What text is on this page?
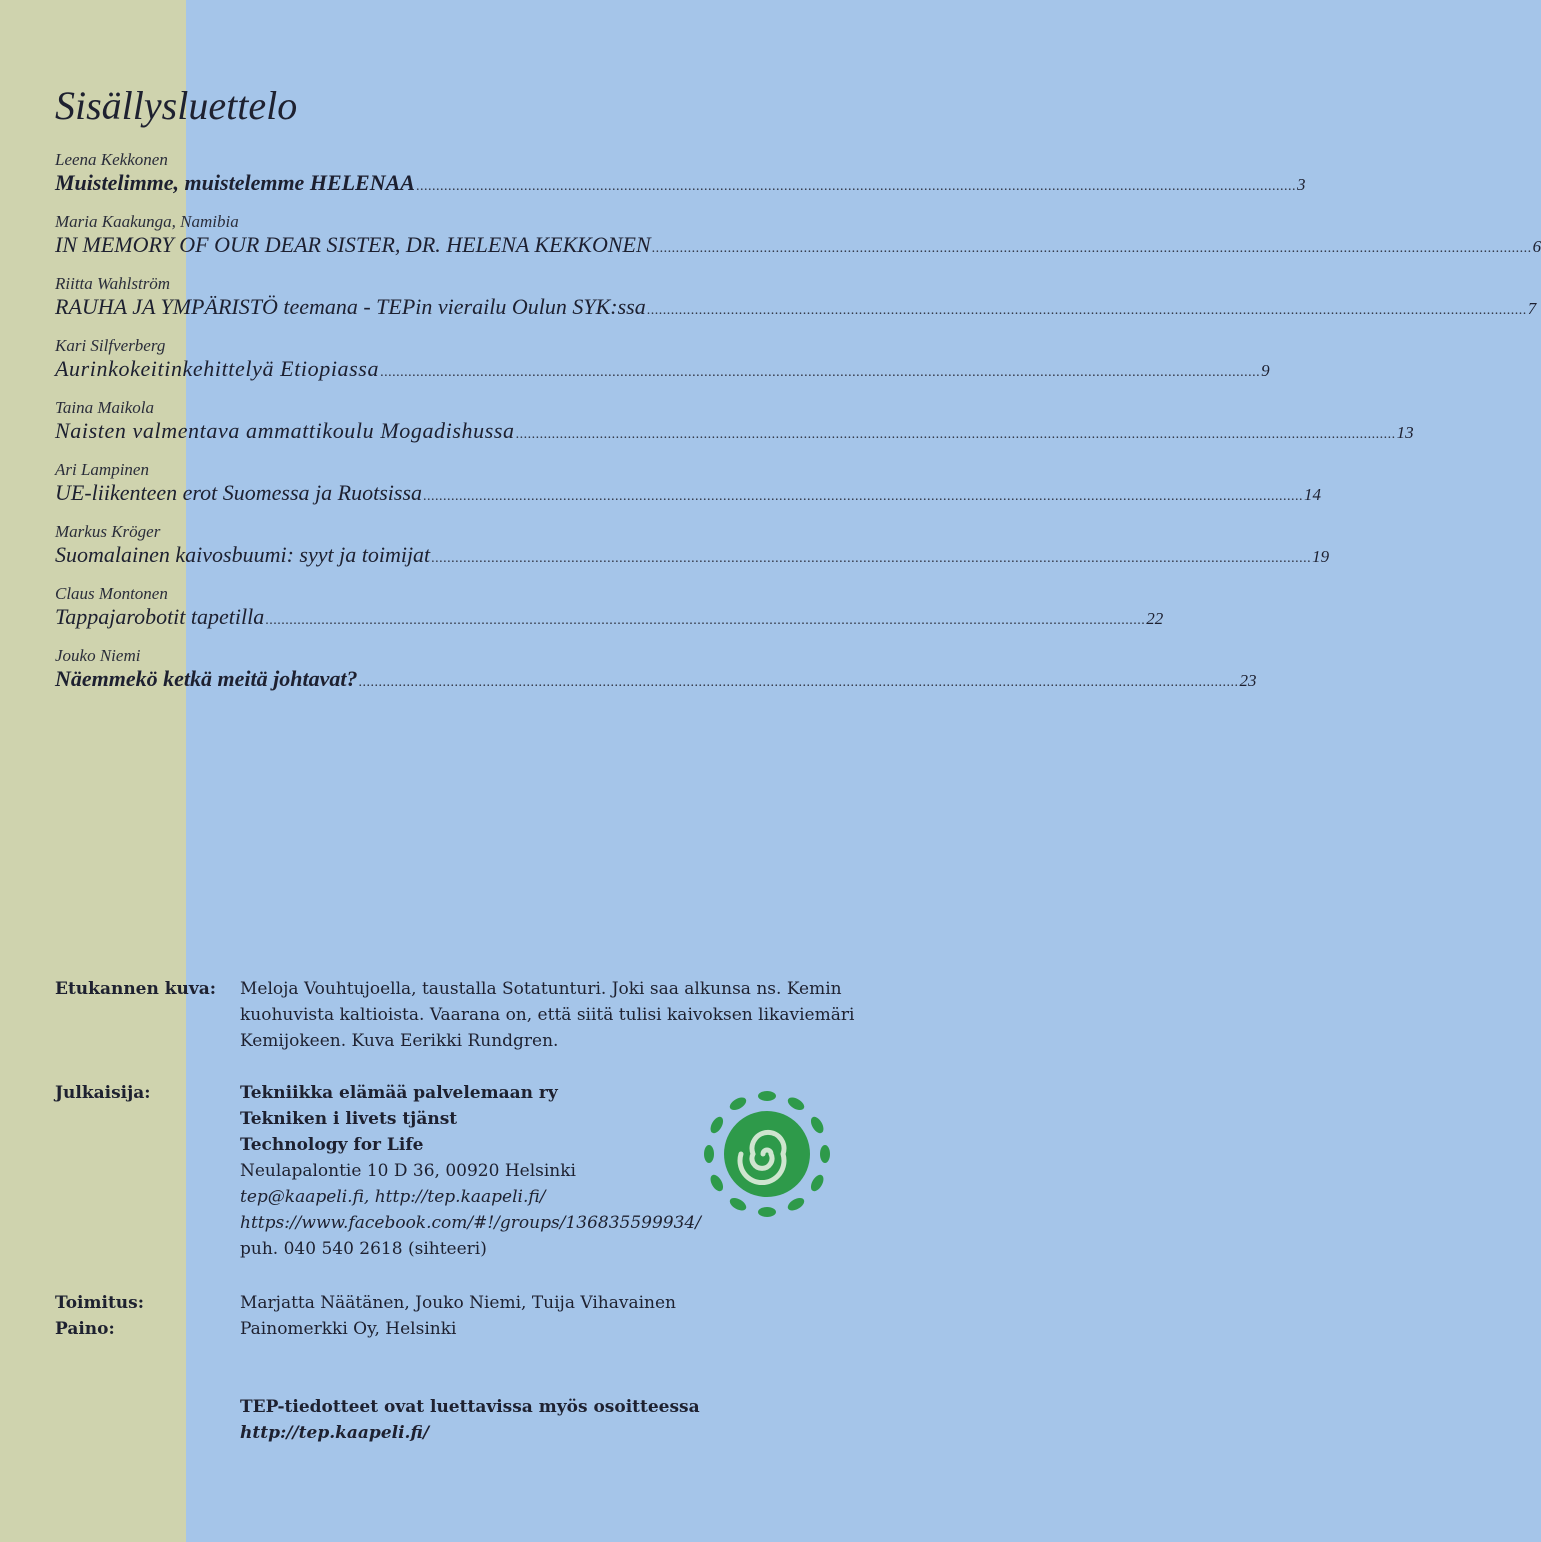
Sisällysluettelo
Leena Kekkonen
Muistelimme, muistelemme HELENAA ............................................................................................................................................................................................................................ 3
Maria Kaakunga, Namibia
IN MEMORY OF OUR DEAR SISTER, DR. HELENA KEKKONEN ............................................................................................................................................................................................................................ 6
Riitta Wahlström
RAUHA JA YMPÄRISTÖ teemana - TEPin vierailu Oulun SYK:ssa ............................................................................................................................................................................................................................ 7
Kari Silfverberg
Aurinkokeitinkehittelyä Etiopiassa ............................................................................................................................................................................................................................ 9
Taina Maikola
Naisten valmentava ammattikoulu Mogadishussa ............................................................................................................................................................................................................................ 13
Ari Lampinen
UE-liikenteen erot Suomessa ja Ruotsissa ............................................................................................................................................................................................................................ 14
Markus Kröger
Suomalainen kaivosbuumi: syyt ja toimijat ............................................................................................................................................................................................................................ 19
Claus Montonen
Tappajarobotit tapetilla ............................................................................................................................................................................................................................ 22
Jouko Niemi
Näemmekö ketkä meitä johtavat? ............................................................................................................................................................................................................................ 23
Etukannen kuva: Meloja Vouhtujoella, taustalla Sotatunturi. Joki saa alkunsa ns. Kemin
kuohuvista kaltioista. Vaarana on, että siitä tulisi kaivoksen likaviemäri
Kemijokeen. Kuva Eerikki Rundgren.
Julkaisija:	Tekniikka elämää palvelemaan ry
Tekniken i livets tjänst
Technology for Life
Neulapalontie 10 D 36, 00920 Helsinki
tep@kaapeli.fi, http://tep.kaapeli.fi/
https://www.facebook.com/#!/groups/136835599934/
puh. 040 540 2618 (sihteeri)
Toimitus:	Marjatta Näätänen, Jouko Niemi, Tuija Vihavainen
Paino:	Painomerkki Oy, Helsinki
TEP-tiedotteet ovat luettavissa myös osoitteessa
http://tep.kaapeli.fi/
